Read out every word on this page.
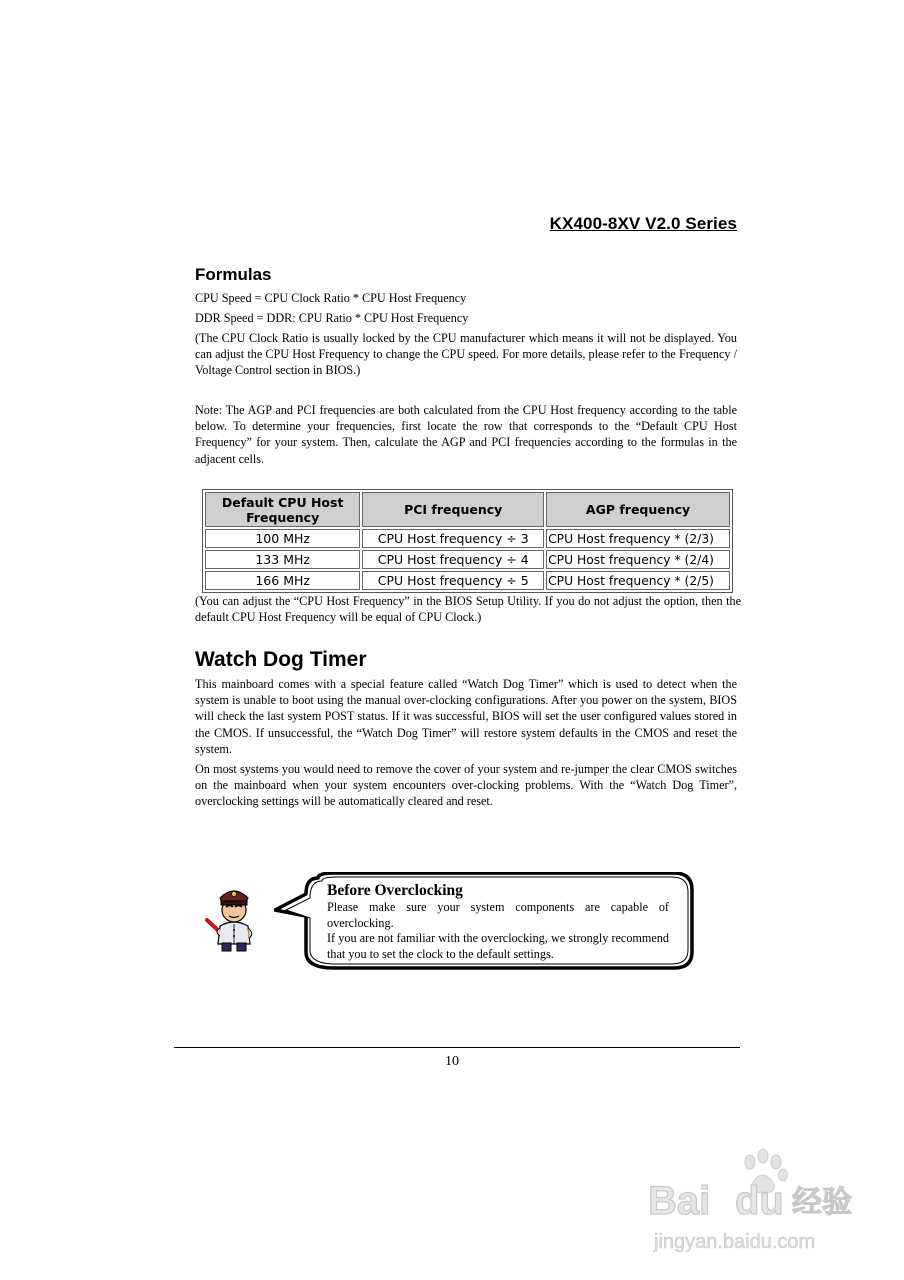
KX400-8XV V2.0 Series
Formulas
CPU Speed = CPU Clock Ratio * CPU Host Frequency
DDR Speed = DDR: CPU Ratio * CPU Host Frequency
(The CPU Clock Ratio is usually locked by the CPU manufacturer which means it will not be displayed. You can adjust the CPU Host Frequency to change the CPU speed. For more details, please refer to the Frequency / Voltage Control section in BIOS.)
Note: The AGP and PCI frequencies are both calculated from the CPU Host frequency according to the table below. To determine your frequencies, first locate the row that corresponds to the “Default CPU Host Frequency” for your system. Then, calculate the AGP and PCI frequencies according to the formulas in the adjacent cells.
Default CPU Host Frequency	PCI frequency	AGP frequency
100 MHz	CPU Host frequency ÷ 3	CPU Host frequency * (2/3)
133 MHz	CPU Host frequency ÷ 4	CPU Host frequency * (2/4)
166 MHz	CPU Host frequency ÷ 5	CPU Host frequency * (2/5)
(You can adjust the “CPU Host Frequency” in the BIOS Setup Utility. If you do not adjust the option, then the default CPU Host Frequency will be equal of CPU Clock.)
Watch Dog Timer
This mainboard comes with a special feature called “Watch Dog Timer” which is used to detect when the system is unable to boot using the manual over-clocking configurations. After you power on the system, BIOS will check the last system POST status. If it was successful, BIOS will set the user configured values stored in the CMOS. If unsuccessful, the “Watch Dog Timer” will restore system defaults in the CMOS and reset the system.
On most systems you would need to remove the cover of your system and re-jumper the clear CMOS switches on the mainboard when your system encounters over-clocking problems. With the “Watch Dog Timer”, overclocking settings will be automatically cleared and reset.
Before Overclocking
Please make sure your system components are capable of overclocking.
If you are not familiar with the overclocking, we strongly recommend that you to set the clock to the default settings.
10
Bai du 经验
jingyan.baidu.com
